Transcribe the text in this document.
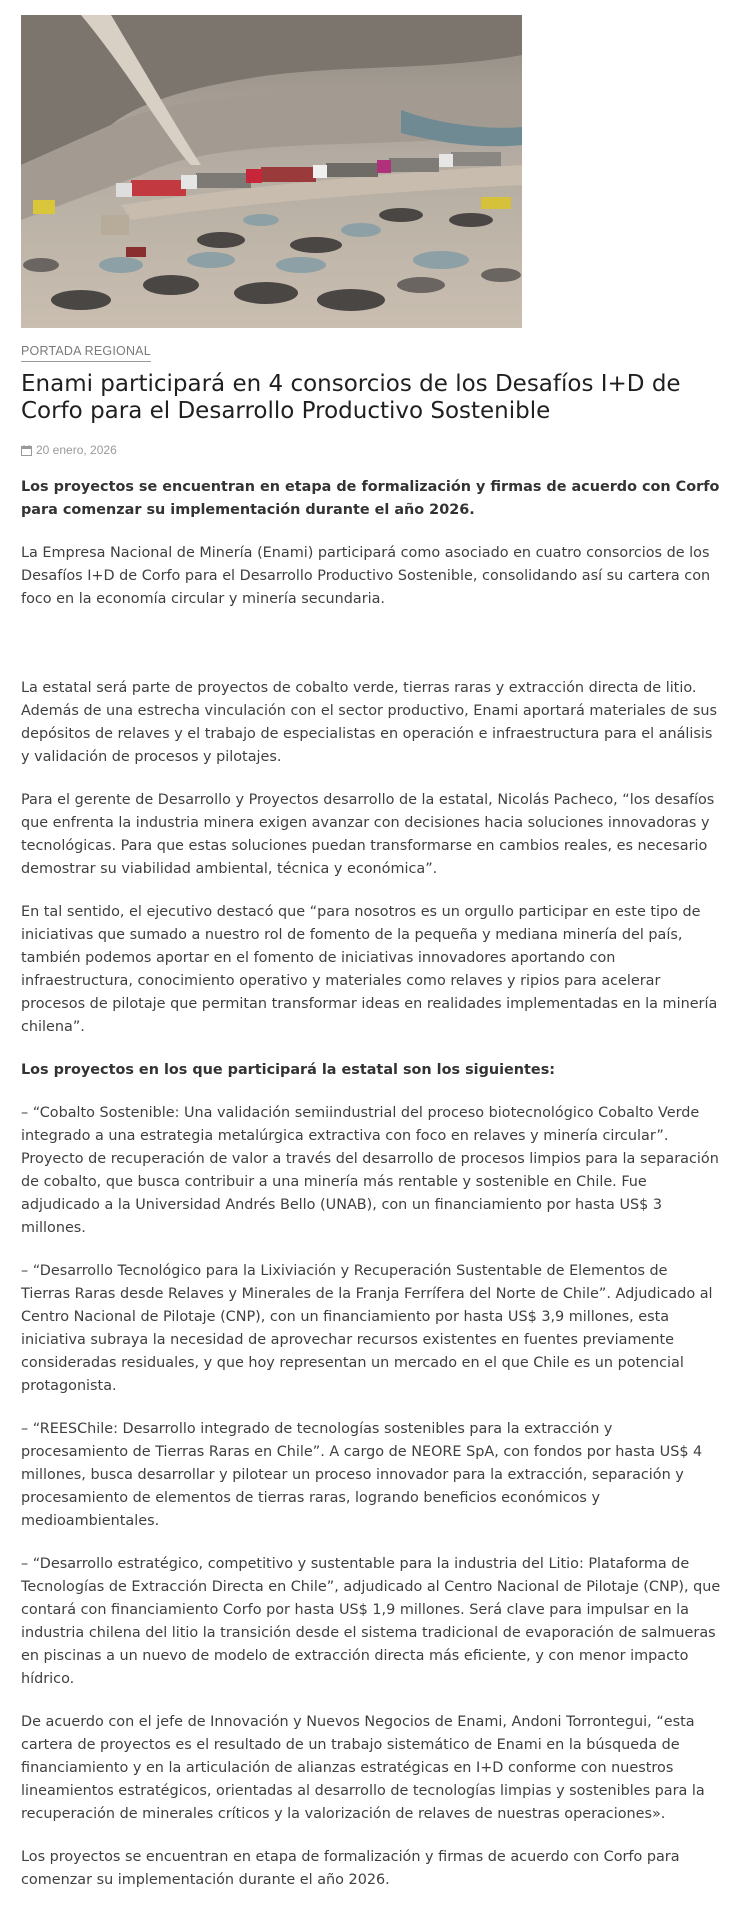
PORTADA REGIONAL
Enami participará en 4 consorcios de los Desafíos I+D de Corfo para el Desarrollo Productivo Sostenible
20 enero, 2026

Los proyectos se encuentran en etapa de formalización y firmas de acuerdo con Corfo para comenzar su implementación durante el año 2026.

La Empresa Nacional de Minería (Enami) participará como asociado en cuatro consorcios de los Desafíos I+D de Corfo para el Desarrollo Productivo Sostenible, consolidando así su cartera con foco en la economía circular y minería secundaria.

La estatal será parte de proyectos de cobalto verde, tierras raras y extracción directa de litio. Además de una estrecha vinculación con el sector productivo, Enami aportará materiales de sus depósitos de relaves y el trabajo de especialistas en operación e infraestructura para el análisis y validación de procesos y pilotajes.

Para el gerente de Desarrollo y Proyectos desarrollo de la estatal, Nicolás Pacheco, “los desafíos que enfrenta la industria minera exigen avanzar con decisiones hacia soluciones innovadoras y tecnológicas. Para que estas soluciones puedan transformarse en cambios reales, es necesario demostrar su viabilidad ambiental, técnica y económica”.

En tal sentido, el ejecutivo destacó que “para nosotros es un orgullo participar en este tipo de iniciativas que sumado a nuestro rol de fomento de la pequeña y mediana minería del país, también podemos aportar en el fomento de iniciativas innovadores aportando con infraestructura, conocimiento operativo y materiales como relaves y ripios para acelerar procesos de pilotaje que permitan transformar ideas en realidades implementadas en la minería chilena”.

Los proyectos en los que participará la estatal son los siguientes:

– “Cobalto Sostenible: Una validación semiindustrial del proceso biotecnológico Cobalto Verde integrado a una estrategia metalúrgica extractiva con foco en relaves y minería circular”. Proyecto de recuperación de valor a través del desarrollo de procesos limpios para la separación de cobalto, que busca contribuir a una minería más rentable y sostenible en Chile. Fue adjudicado a la Universidad Andrés Bello (UNAB), con un financiamiento por hasta US$ 3 millones.

– “Desarrollo Tecnológico para la Lixiviación y Recuperación Sustentable de Elementos de Tierras Raras desde Relaves y Minerales de la Franja Ferrífera del Norte de Chile”. Adjudicado al Centro Nacional de Pilotaje (CNP), con un financiamiento por hasta US$ 3,9 millones, esta iniciativa subraya la necesidad de aprovechar recursos existentes en fuentes previamente consideradas residuales, y que hoy representan un mercado en el que Chile es un potencial protagonista.

– “REESChile: Desarrollo integrado de tecnologías sostenibles para la extracción y procesamiento de Tierras Raras en Chile”. A cargo de NEORE SpA, con fondos por hasta US$ 4 millones, busca desarrollar y pilotear un proceso innovador para la extracción, separación y procesamiento de elementos de tierras raras, logrando beneficios económicos y medioambientales.

– “Desarrollo estratégico, competitivo y sustentable para la industria del Litio: Plataforma de Tecnologías de Extracción Directa en Chile”, adjudicado al Centro Nacional de Pilotaje (CNP), que contará con financiamiento Corfo por hasta US$ 1,9 millones. Será clave para impulsar en la industria chilena del litio la transición desde el sistema tradicional de evaporación de salmueras en piscinas a un nuevo de modelo de extracción directa más eficiente, y con menor impacto hídrico.

De acuerdo con el jefe de Innovación y Nuevos Negocios de Enami, Andoni Torrontegui, “esta cartera de proyectos es el resultado de un trabajo sistemático de Enami en la búsqueda de financiamiento y en la articulación de alianzas estratégicas en I+D conforme con nuestros lineamientos estratégicos, orientadas al desarrollo de tecnologías limpias y sostenibles para la recuperación de minerales críticos y la valorización de relaves de nuestras operaciones».

Los proyectos se encuentran en etapa de formalización y firmas de acuerdo con Corfo para comenzar su implementación durante el año 2026.
